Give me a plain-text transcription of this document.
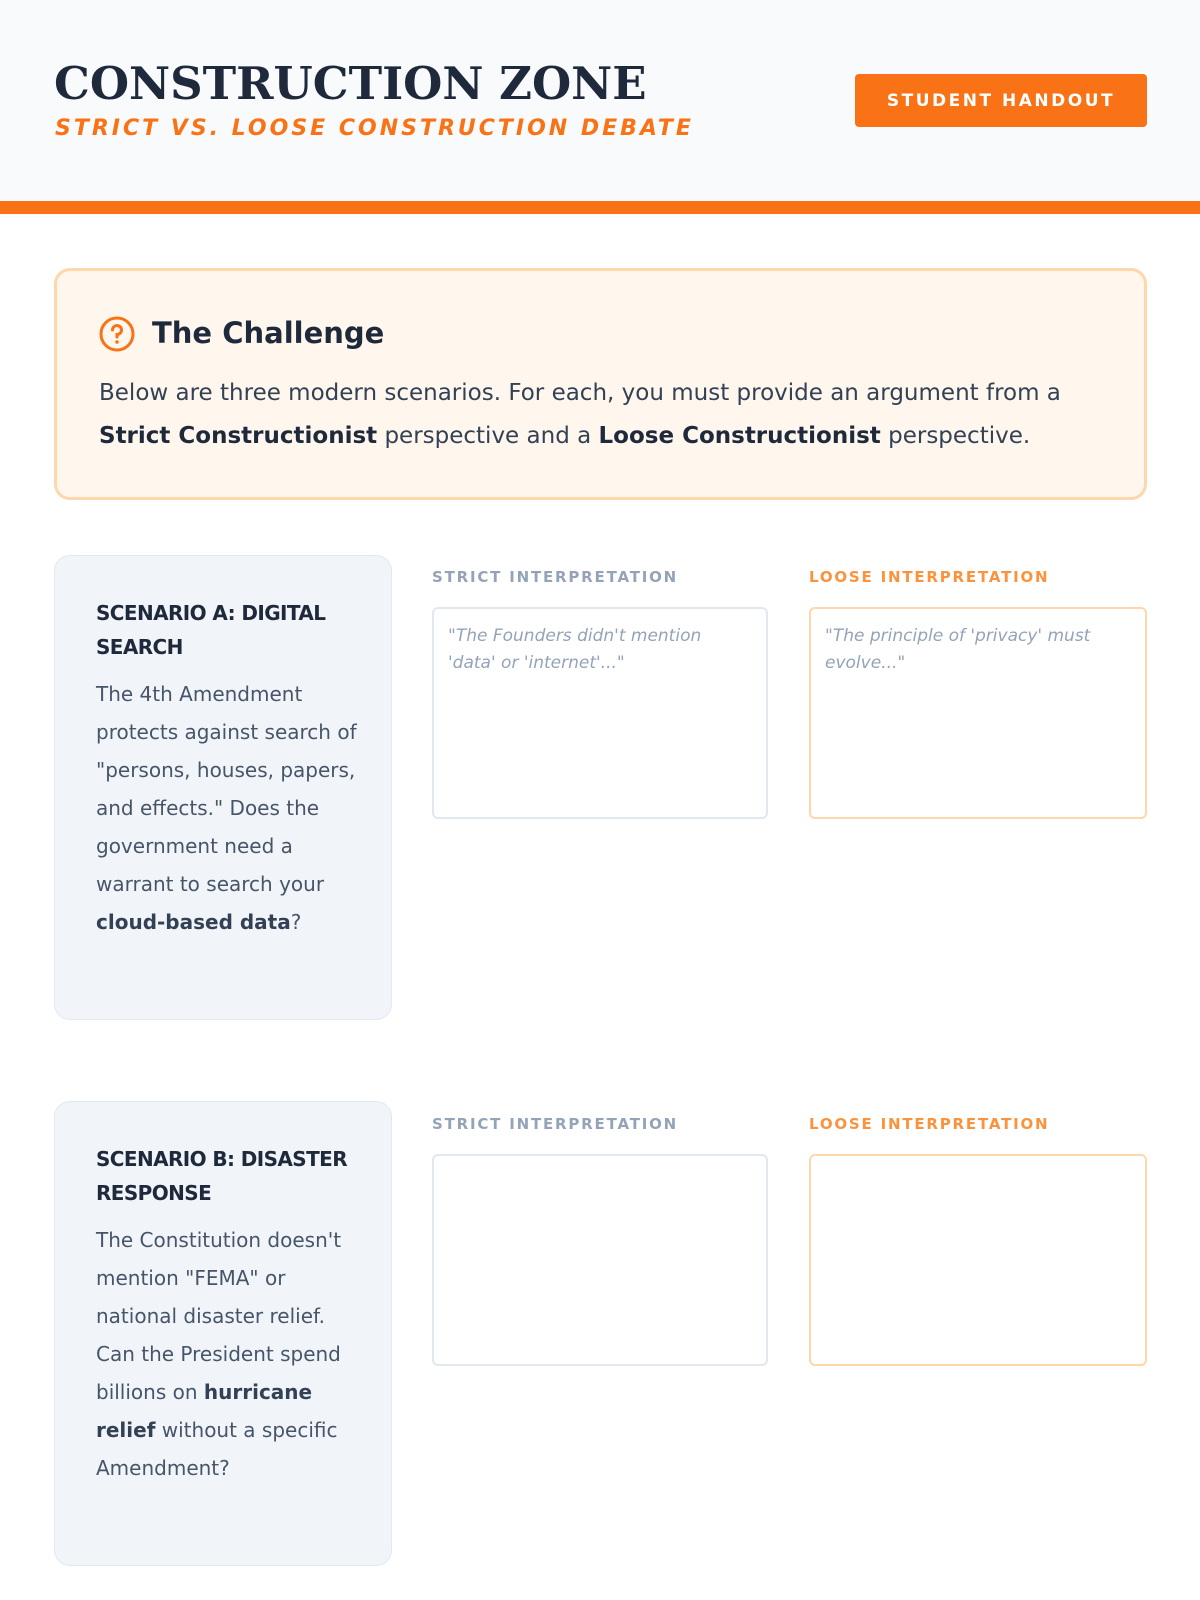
CONSTRUCTION ZONE
STRICT VS. LOOSE CONSTRUCTION DEBATE
STUDENT HANDOUT
The Challenge
Below are three modern scenarios. For each, you must provide an argument from a Strict Constructionist perspective and a Loose Constructionist perspective.
SCENARIO A: DIGITAL SEARCH
The 4th Amendment protects against search of "persons, houses, papers, and effects." Does the government need a warrant to search your cloud-based data?
STRICT INTERPRETATION	LOOSE INTERPRETATION
"The Founders didn't mention 'data' or 'internet'..."
"The principle of 'privacy' must evolve..."
SCENARIO B: DISASTER RESPONSE
The Constitution doesn't mention "FEMA" or national disaster relief. Can the President spend billions on hurricane relief without a specific Amendment?
STRICT INTERPRETATION	LOOSE INTERPRETATION
